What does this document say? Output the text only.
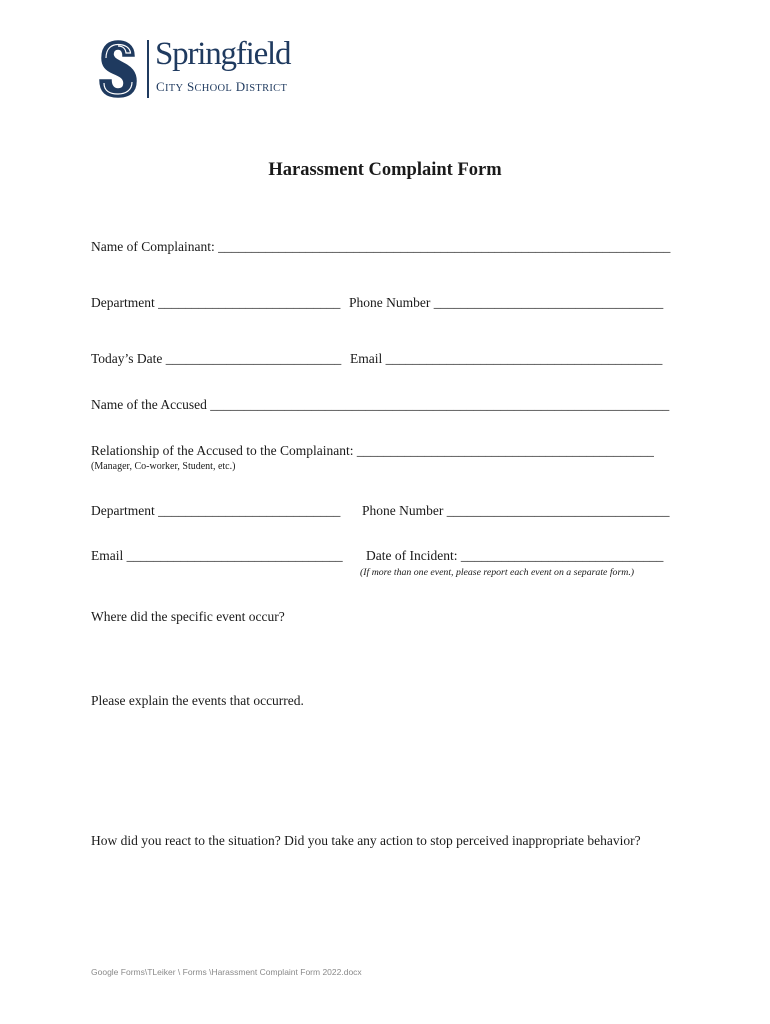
Springfield
CITY SCHOOL DISTRICT
Harassment Complaint Form
Name of Complainant: ___________________________________________________________________
Department ___________________________ Phone Number __________________________________
Today’s Date __________________________ Email _________________________________________
Name of the Accused ____________________________________________________________________
Relationship of the Accused to the Complainant: ____________________________________________
(Manager, Co-worker, Student, etc.)
Department ___________________________ Phone Number _________________________________
Email ________________________________ Date of Incident: ______________________________
(If more than one event, please report each event on a separate form.)
Where did the specific event occur?
Please explain the events that occurred.
How did you react to the situation? Did you take any action to stop perceived inappropriate behavior?
Google Forms\TLeiker \ Forms \Harassment Complaint Form 2022.docx
